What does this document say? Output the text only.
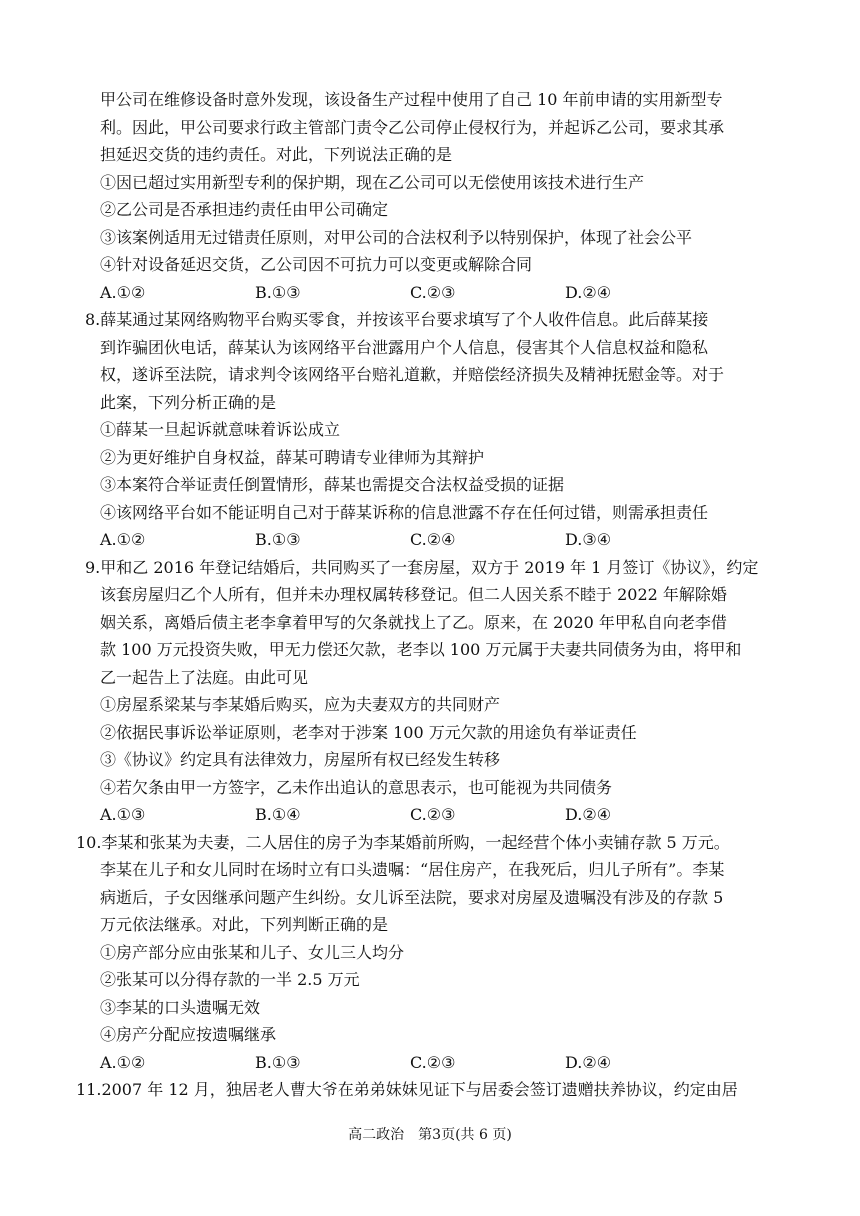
甲公司在维修设备时意外发现，该设备生产过程中使用了自己 10 年前申请的实用新型专
利。因此，甲公司要求行政主管部门责令乙公司停止侵权行为，并起诉乙公司，要求其承
担延迟交货的违约责任。对此，下列说法正确的是
①因已超过实用新型专利的保护期，现在乙公司可以无偿使用该技术进行生产
②乙公司是否承担违约责任由甲公司确定
③该案例适用无过错责任原则，对甲公司的合法权利予以特别保护，体现了社会公平
④针对设备延迟交货，乙公司因不可抗力可以变更或解除合同
A.①②	B.①③	C.②③	D.②④
8.薛某通过某网络购物平台购买零食，并按该平台要求填写了个人收件信息。此后薛某接
到诈骗团伙电话，薛某认为该网络平台泄露用户个人信息，侵害其个人信息权益和隐私
权，遂诉至法院，请求判令该网络平台赔礼道歉，并赔偿经济损失及精神抚慰金等。对于
此案，下列分析正确的是
①薛某一旦起诉就意味着诉讼成立
②为更好维护自身权益，薛某可聘请专业律师为其辩护
③本案符合举证责任倒置情形，薛某也需提交合法权益受损的证据
④该网络平台如不能证明自己对于薛某诉称的信息泄露不存在任何过错，则需承担责任
A.①②	B.①③	C.②④	D.③④
9.甲和乙 2016 年登记结婚后，共同购买了一套房屋，双方于 2019 年 1 月签订《协议》，约定
该套房屋归乙个人所有，但并未办理权属转移登记。但二人因关系不睦于 2022 年解除婚
姻关系，离婚后债主老李拿着甲写的欠条就找上了乙。原来，在 2020 年甲私自向老李借
款 100 万元投资失败，甲无力偿还欠款，老李以 100 万元属于夫妻共同债务为由，将甲和
乙一起告上了法庭。由此可见
①房屋系梁某与李某婚后购买，应为夫妻双方的共同财产
②依据民事诉讼举证原则，老李对于涉案 100 万元欠款的用途负有举证责任
③《协议》约定具有法律效力，房屋所有权已经发生转移
④若欠条由甲一方签字，乙未作出追认的意思表示，也可能视为共同债务
A.①③	B.①④	C.②③	D.②④
10.李某和张某为夫妻，二人居住的房子为李某婚前所购，一起经营个体小卖铺存款 5 万元。
李某在儿子和女儿同时在场时立有口头遗嘱：“居住房产，在我死后，归儿子所有”。李某
病逝后，子女因继承问题产生纠纷。女儿诉至法院，要求对房屋及遗嘱没有涉及的存款 5
万元依法继承。对此，下列判断正确的是
①房产部分应由张某和儿子、女儿三人均分
②张某可以分得存款的一半 2.5 万元
③李某的口头遗嘱无效
④房产分配应按遗嘱继承
A.①②	B.①③	C.②③	D.②④
11.2007 年 12 月，独居老人曹大爷在弟弟妹妹见证下与居委会签订遗赠扶养协议，约定由居
高二政治　第3页(共 6 页)
